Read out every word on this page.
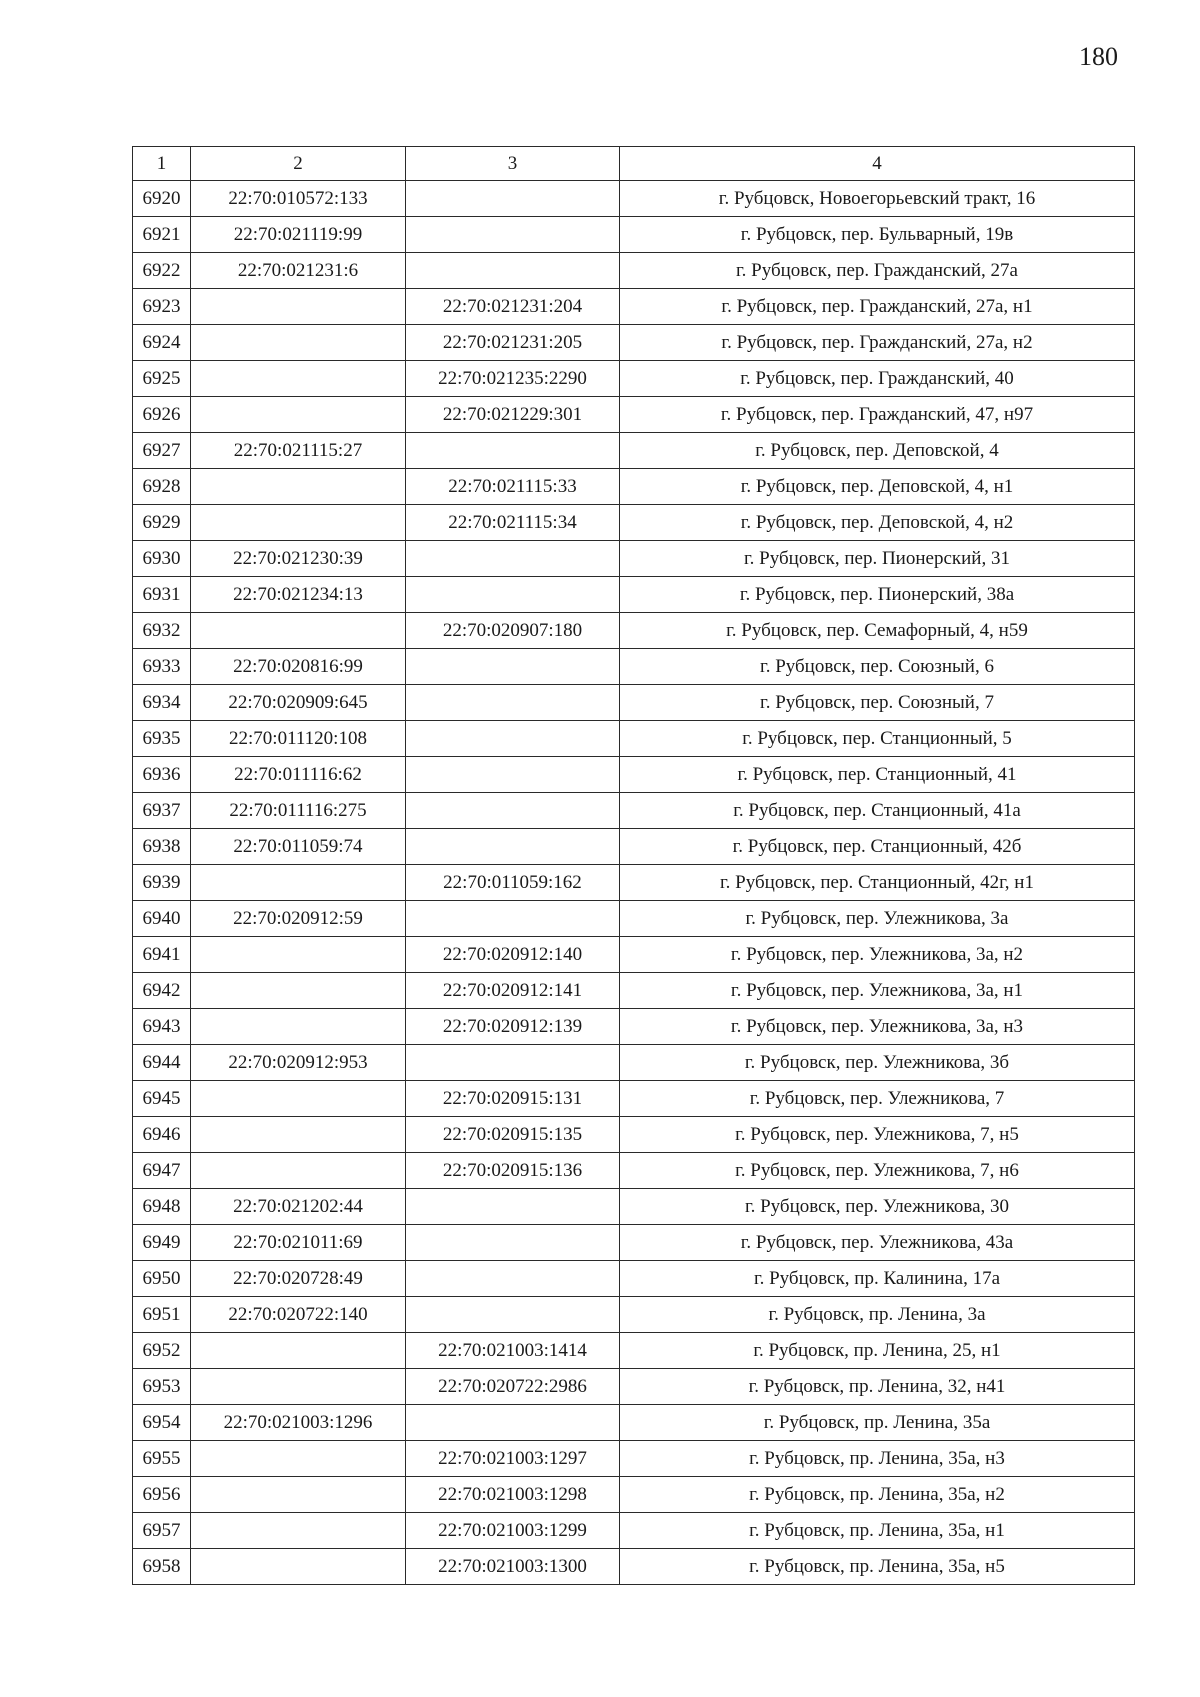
180
1	2	3	4
6920	22:70:010572:133		г. Рубцовск, Новоегорьевский тракт, 16
6921	22:70:021119:99		г. Рубцовск, пер. Бульварный, 19в
6922	22:70:021231:6		г. Рубцовск, пер. Гражданский, 27а
6923		22:70:021231:204	г. Рубцовск, пер. Гражданский, 27а, н1
6924		22:70:021231:205	г. Рубцовск, пер. Гражданский, 27а, н2
6925		22:70:021235:2290	г. Рубцовск, пер. Гражданский, 40
6926		22:70:021229:301	г. Рубцовск, пер. Гражданский, 47, н97
6927	22:70:021115:27		г. Рубцовск, пер. Деповской, 4
6928		22:70:021115:33	г. Рубцовск, пер. Деповской, 4, н1
6929		22:70:021115:34	г. Рубцовск, пер. Деповской, 4, н2
6930	22:70:021230:39		г. Рубцовск, пер. Пионерский, 31
6931	22:70:021234:13		г. Рубцовск, пер. Пионерский, 38а
6932		22:70:020907:180	г. Рубцовск, пер. Семафорный, 4, н59
6933	22:70:020816:99		г. Рубцовск, пер. Союзный, 6
6934	22:70:020909:645		г. Рубцовск, пер. Союзный, 7
6935	22:70:011120:108		г. Рубцовск, пер. Станционный, 5
6936	22:70:011116:62		г. Рубцовск, пер. Станционный, 41
6937	22:70:011116:275		г. Рубцовск, пер. Станционный, 41а
6938	22:70:011059:74		г. Рубцовск, пер. Станционный, 42б
6939		22:70:011059:162	г. Рубцовск, пер. Станционный, 42г, н1
6940	22:70:020912:59		г. Рубцовск, пер. Улежникова, 3а
6941		22:70:020912:140	г. Рубцовск, пер. Улежникова, 3а, н2
6942		22:70:020912:141	г. Рубцовск, пер. Улежникова, 3а, н1
6943		22:70:020912:139	г. Рубцовск, пер. Улежникова, 3а, н3
6944	22:70:020912:953		г. Рубцовск, пер. Улежникова, 3б
6945		22:70:020915:131	г. Рубцовск, пер. Улежникова, 7
6946		22:70:020915:135	г. Рубцовск, пер. Улежникова, 7, н5
6947		22:70:020915:136	г. Рубцовск, пер. Улежникова, 7, н6
6948	22:70:021202:44		г. Рубцовск, пер. Улежникова, 30
6949	22:70:021011:69		г. Рубцовск, пер. Улежникова, 43а
6950	22:70:020728:49		г. Рубцовск, пр. Калинина, 17а
6951	22:70:020722:140		г. Рубцовск, пр. Ленина, 3а
6952		22:70:021003:1414	г. Рубцовск, пр. Ленина, 25, н1
6953		22:70:020722:2986	г. Рубцовск, пр. Ленина, 32, н41
6954	22:70:021003:1296		г. Рубцовск, пр. Ленина, 35а
6955		22:70:021003:1297	г. Рубцовск, пр. Ленина, 35а, н3
6956		22:70:021003:1298	г. Рубцовск, пр. Ленина, 35а, н2
6957		22:70:021003:1299	г. Рубцовск, пр. Ленина, 35а, н1
6958		22:70:021003:1300	г. Рубцовск, пр. Ленина, 35а, н5
